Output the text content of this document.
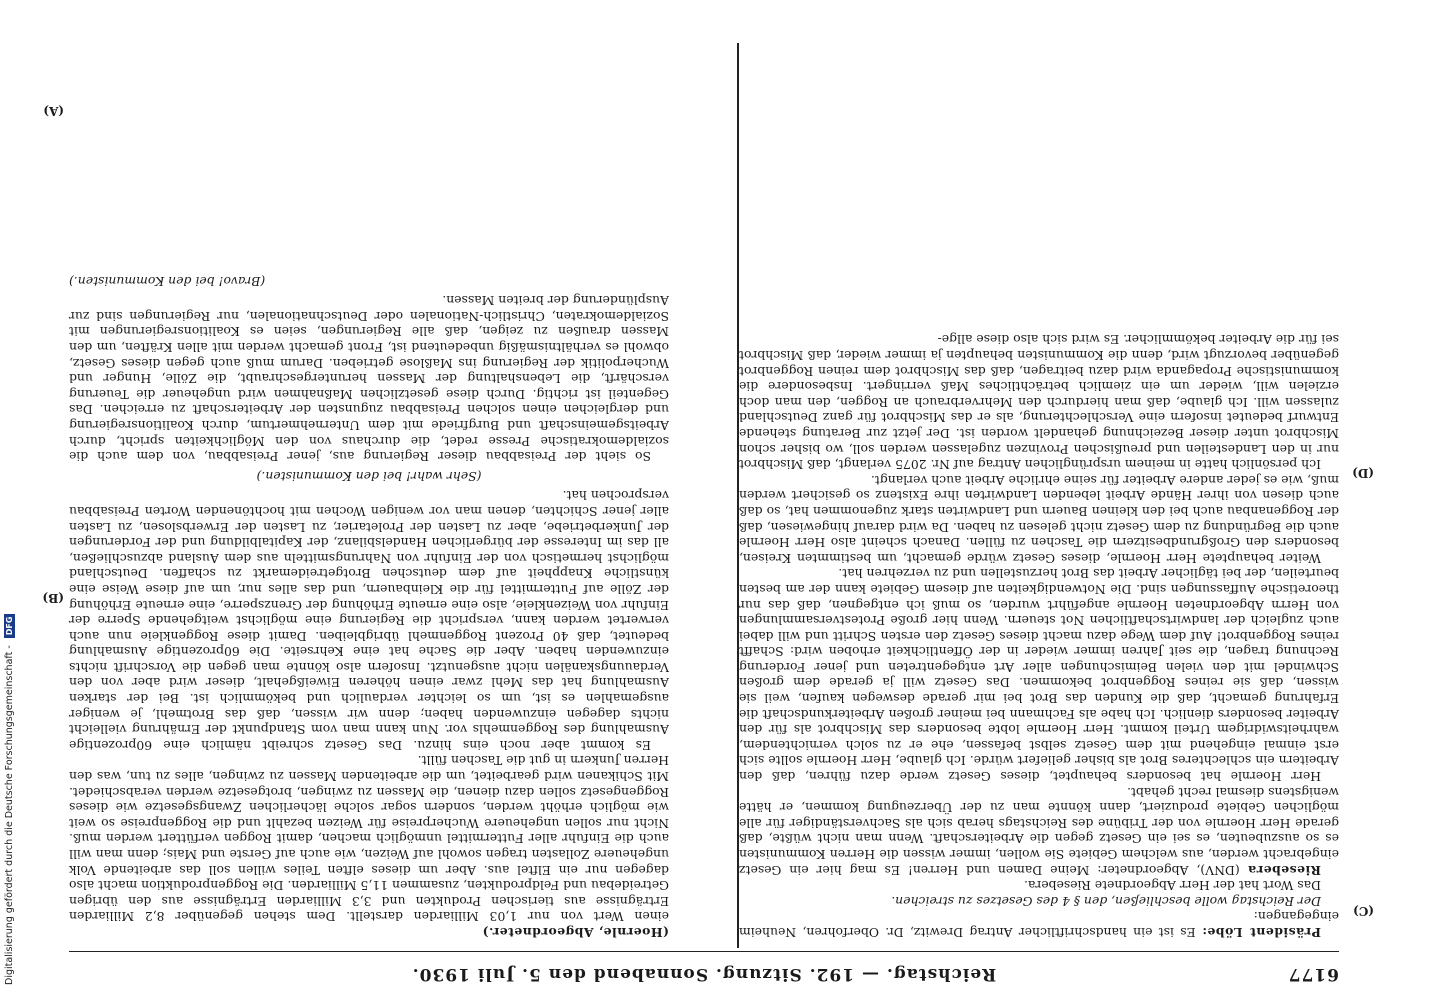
6177
Reichstag. — 192. Sitzung. Sonnabend den 5. Juli 1930.
(C)
(D)
(A)
(B)

Präsident Löbe: Es ist ein handschriftlicher Antrag Drewitz, Dr. Oberfohren, Neuheim eingegangen:

Der Reichstag wolle beschließen, den § 4 des Gesetzes zu streichen.

Das Wort hat der Herr Abgeordnete Riesebera.

Riesebera (DNV), Abgeordneter: Meine Damen und Herren! Es mag hier ein Gesetz eingebracht werden, aus welchem Gebiete Sie wollen, immer wissen die Herren Kommunisten es so auszubeuten, es sei ein Gesetz gegen die Arbeiterschaft. Wenn man nicht wüßte, daß gerade Herr Hoernle von der Tribüne des Reichstags herab sich als Sachverständiger für alle möglichen Gebiete produziert, dann könnte man zu der Überzeugung kommen, er hätte wenigstens diesmal recht gehabt.

Herr Hoernle hat besonders behauptet, dieses Gesetz werde dazu führen, daß den Arbeitern ein schlechteres Brot als bisher geliefert würde. Ich glaube, Herr Hoernle sollte sich erst einmal eingehend mit dem Gesetz selbst befassen, ehe er zu solch vernichtendem, wahrheitswidrigem Urteil kommt. Herr Hoernle lobte besonders das Mischbrot als für den Arbeiter besonders dienlich. Ich habe als Fachmann bei meiner großen Arbeiterkundschaft die Erfahrung gemacht, daß die Kunden das Brot bei mir gerade deswegen kaufen, weil sie wissen, daß sie reines Roggenbrot bekommen. Das Gesetz will ja gerade dem großen Schwindel mit den vielen Beimischungen aller Art entgegentreten und jener Forderung Rechnung tragen, die seit Jahren immer wieder in der Öffentlichkeit erhoben wird: Schafft reines Roggenbrot! Auf dem Wege dazu macht dieses Gesetz den ersten Schritt und will dabei auch zugleich der landwirtschaftlichen Not steuern. Wenn hier große Protestversammlungen von Herrn Abgeordneten Hoernle angeführt wurden, so muß ich entgegnen, daß das nur theoretische Auffassungen sind. Die Notwendigkeiten auf diesem Gebiete kann der am besten beurteilen, der bei täglicher Arbeit das Brot herzustellen und zu verzehren hat.

Weiter behauptete Herr Hoernle, dieses Gesetz würde gemacht, um bestimmten Kreisen, besonders den Großgrundbesitzern die Taschen zu füllen. Danach scheint also Herr Hoernle auch die Begründung zu dem Gesetz nicht gelesen zu haben. Da wird darauf hingewiesen, daß der Roggenanbau auch bei den kleinen Bauern und Landwirten stark zugenommen hat, so daß auch diesen von ihrer Hände Arbeit lebenden Landwirten ihre Existenz so gesichert werden muß, wie es jeder andere Arbeiter für seine ehrliche Arbeit auch verlangt.

Ich persönlich hatte in meinem ursprünglichen Antrag auf Nr. 2075 verlangt, daß Mischbrot nur in den Landesteilen und preußischen Provinzen zugelassen werden soll, wo bisher schon Mischbrot unter dieser Bezeichnung gehandelt worden ist. Der jetzt zur Beratung stehende Entwurf bedeutet insofern eine Verschlechterung, als er das Mischbrot für ganz Deutschland zulassen will. Ich glaube, daß man hierdurch den Mehrverbrauch an Roggen, den man doch erzielen will, wieder um ein ziemlich beträchtliches Maß verringert. Insbesondere die kommunistische Propaganda wird dazu beitragen, daß das Mischbrot dem reinen Roggenbrot gegenüber bevorzugt wird, denn die Kommunisten behaupten ja immer wieder, daß Mischbrot sei für die Arbeiter bekömmlicher. Es wird sich also diese allge-

(Hoernle, Abgeordneter.)

einen Wert von nur 1,03 Milliarden darstellt. Dem stehen gegenüber 8,2 Milliarden Erträgnisse aus tierischen Produkten und 3,3 Milliarden Erträgnisse aus den übrigen Getreidebau und Feldprodukten, zusammen 11,5 Milliarden. Die Roggenproduktion macht also dagegen nur ein Elftel aus. Aber um dieses elften Teiles willen soll das arbeitende Volk ungeheuere Zollasten tragen sowohl auf Weizen, wie auch auf Gerste und Mais; denn man will auch die Einfuhr aller Futtermittel unmöglich machen, damit Roggen verfüttert werden muß. Nicht nur sollen ungeheuere Wucherpreise für Weizen bezahlt und die Roggenpreise so weit wie möglich erhöht werden, sondern sogar solche lächerlichen Zwangsgesetze wie dieses Roggengesetz sollen dazu dienen, die Massen zu zwingen, brotgesetze werden verabschiedet. Mit Schikanen wird gearbeitet, um die arbeitenden Massen zu zwingen, alles zu tun, was den Herren Junkern in gut die Taschen füllt.

Es kommt aber noch eins hinzu. Das Gesetz schreibt nämlich eine 60prozentige Ausmahlung des Roggenmehls vor. Nun kann man vom Standpunkt der Ernährung vielleicht nichts dagegen einzuwenden haben; denn wir wissen, daß das Brotmehl, je weniger ausgemahlen es ist, um so leichter verdaulich und bekömmlich ist. Bei der starken Ausmahlung hat das Mehl zwar einen höheren Eiweißgehalt, dieser wird aber von den Verdauungskanälen nicht ausgenutzt. Insofern also könnte man gegen die Vorschrift nichts einzuwenden haben. Aber die Sache hat eine Kehrseite. Die 60prozentige Ausmahlung bedeutet, daß 40 Prozent Roggenmehl übrigbleiben. Damit diese Roggenkleie nun auch verwertet werden kann, verspricht die Regierung eine möglichst weitgehende Sperre der Einfuhr von Weizenkleie, also eine erneute Erhöhung der Grenzsperre, eine erneute Erhöhung der Zölle auf Futtermittel für die Kleinbauern, und das alles nur, um auf diese Weise eine künstliche Knappheit auf dem deutschen Brotgetreidemarkt zu schaffen. Deutschland möglichst hermetisch von der Einfuhr von Nahrungsmitteln aus dem Ausland abzuschließen, all das im Interesse der bürgerlichen Handelsbilanz, der Kapitalbildung und der Forderungen der Junkerbetriebe, aber zu Lasten der Proletarier, zu Lasten der Erwerbslosen, zu Lasten aller jener Schichten, denen man vor wenigen Wochen mit hochtönenden Worten Preisabbau versprochen hat.

(Sehr wahr! bei den Kommunisten.)

So sieht der Preisabbau dieser Regierung aus, jener Preisabbau, von dem auch die sozialdemokratische Presse redet, die durchaus von den Möglichkeiten spricht, durch Arbeitsgemeinschaft und Burgfriede mit dem Unternehmertum, durch Koalitionsregierung und dergleichen einen solchen Preisabbau zugunsten der Arbeiterschaft zu erreichen. Das Gegenteil ist richtig. Durch diese gesetzlichen Maßnahmen wird ungeheuer die Teuerung verschärft, die Lebenshaltung der Massen heruntergeschraubt, die Zölle, Hunger und Wucherpolitik der Regierung ins Maßlose getrieben. Darum muß auch gegen dieses Gesetz, obwohl es verhältnismäßig unbedeutend ist, Front gemacht werden mit allen Kräften, um den Massen draußen zu zeigen, daß alle Regierungen, seien es Koalitionsregierungen mit Sozialdemokraten, Christlich-Nationalen oder Deutschnationalen, nur Regierungen sind zur Ausplünderung der breiten Massen.

(Bravo! bei den Kommunisten.)

Digitalisierung gefördert durch die Deutsche Forschungsgemeinschaft - DFG
